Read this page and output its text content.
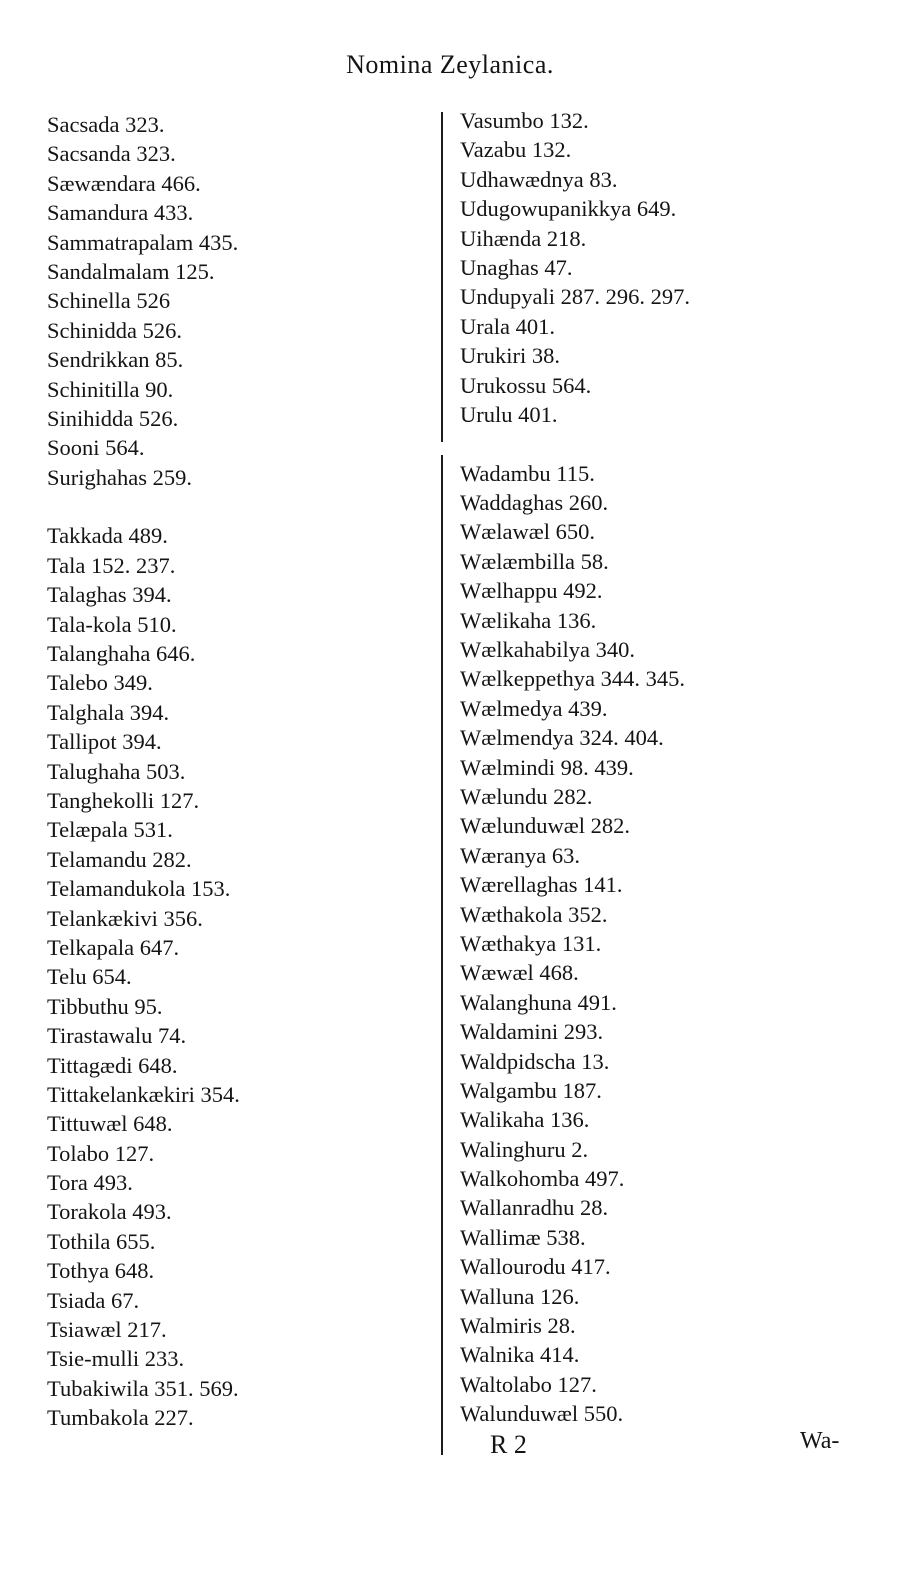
Nomina Zeylanica.
Sacsada 323.
Sacsanda 323.
Sæwændara 466.
Samandura 433.
Sammatrapalam 435.
Sandalmalam 125.
Schinella 526
Schinidda 526.
Sendrikkan 85.
Schinitilla 90.
Sinihidda 526.
Sooni 564.
Surighahas 259.
Takkada 489.
Tala 152. 237.
Talaghas 394.
Tala-kola 510.
Talanghaha 646.
Talebo 349.
Talghala 394.
Tallipot 394.
Talughaha 503.
Tanghekolli 127.
Telæpala 531.
Telamandu 282.
Telamandukola 153.
Telankækivi 356.
Telkapala 647.
Telu 654.
Tibbuthu 95.
Tirastawalu 74.
Tittagædi 648.
Tittakelankækiri 354.
Tittuwæl 648.
Tolabo 127.
Tora 493.
Torakola 493.
Tothila 655.
Tothya 648.
Tsiada 67.
Tsiawæl 217.
Tsie-mulli 233.
Tubakiwila 351. 569.
Tumbakola 227.
Vasumbo 132.
Vazabu 132.
Udhawædnya 83.
Udugowupanikkya 649.
Uihænda 218.
Unaghas 47.
Undupyali 287. 296. 297.
Urala 401.
Urukiri 38.
Urukossu 564.
Urulu 401.
Wadambu 115.
Waddaghas 260.
Wælawæl 650.
Wælæmbilla 58.
Wælhappu 492.
Wælikaha 136.
Wælkahabilya 340.
Wælkeppethya 344. 345.
Wælmedya 439.
Wælmendya 324. 404.
Wælmindi 98. 439.
Wælundu 282.
Wælunduwæl 282.
Wæranya 63.
Wærellaghas 141.
Wæthakola 352.
Wæthakya 131.
Wæwæl 468.
Walanghuna 491.
Waldamini 293.
Waldpidscha 13.
Walgambu 187.
Walikaha 136.
Walinghuru 2.
Walkohomba 497.
Wallanradhu 28.
Wallimæ 538.
Wallourodu 417.
Walluna 126.
Walmiris 28.
Walnika 414.
Waltolabo 127.
Walunduwæl 550.
R 2	Wa-
